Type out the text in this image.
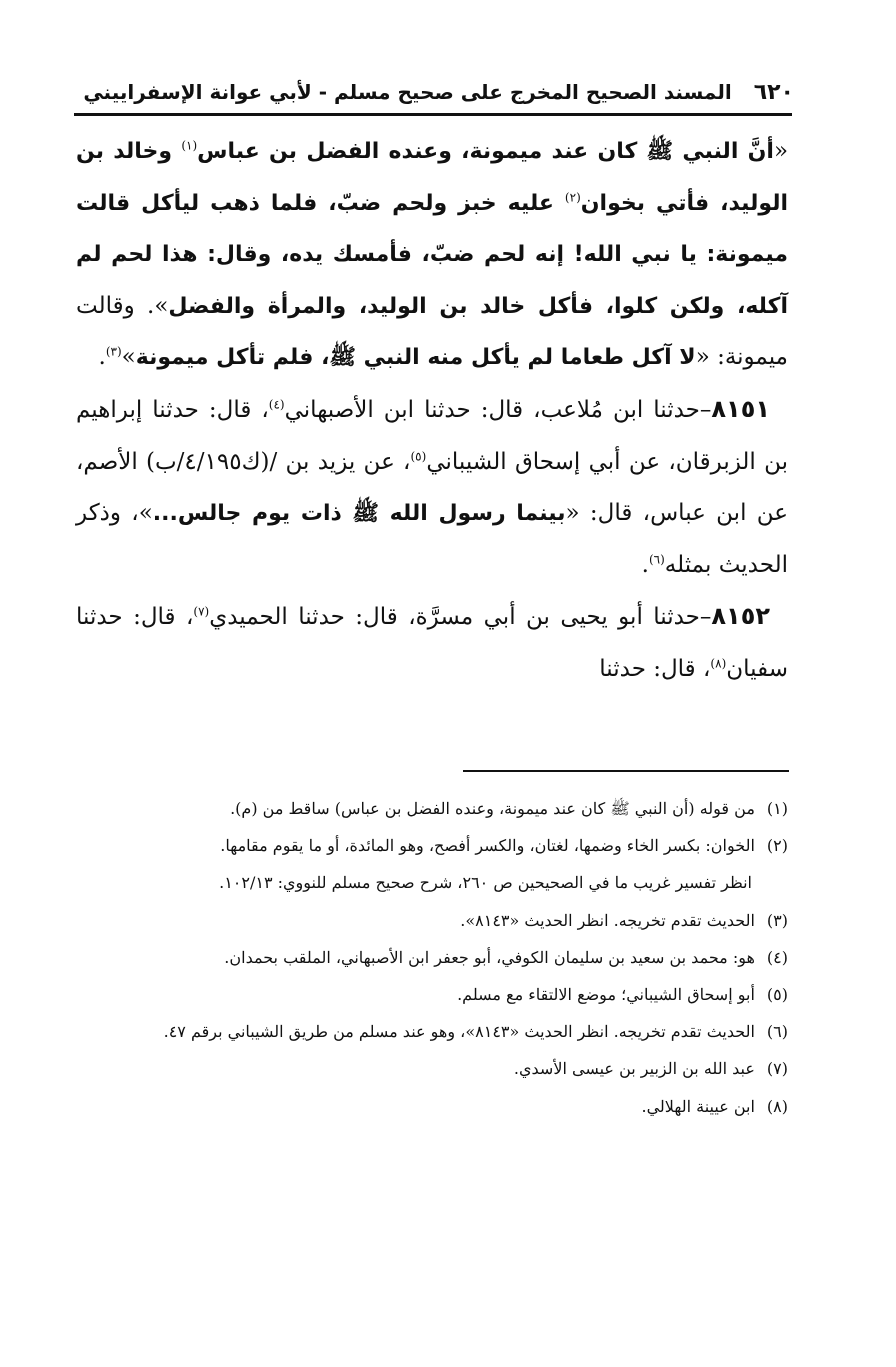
٦٢٠
المسند الصحيح المخرج على صحيح مسلم - لأبي عوانة الإسفراييني

«أنَّ النبي ﷺ كان عند ميمونة، وعنده الفضل بن عباس$^{(١)}$ وخالد بن الوليد، فأتي بخوان$^{(٢)}$ عليه خبز ولحم ضبّ، فلما ذهب ليأكل قالت ميمونة: يا نبي الله! إنه لحم ضبّ، فأمسك يده، وقال: هذا لحم لم آكله، ولكن كلوا، فأكل خالد بن الوليد، والمرأة والفضل». وقالت ميمونة: «لا آكل طعاما لم يأكل منه النبي ﷺ، فلم تأكل ميمونة»$^{(٣)}$.

٨١٥١–حدثنا ابن مُلاعب، قال: حدثنا ابن الأصبهاني$^{(٤)}$، قال: حدثنا إبراهيم بن الزبرقان، عن أبي إسحاق الشيباني$^{(٥)}$، عن يزيد بن /(ك٤/١٩٥/ب) الأصم، عن ابن عباس، قال: «بينما رسول الله ﷺ ذات يوم جالس...»، وذكر الحديث بمثله$^{(٦)}$.

٨١٥٢–حدثنا أبو يحيى بن أبي مسرَّة، قال: حدثنا الحميدي$^{(٧)}$، قال: حدثنا سفيان$^{(٨)}$، قال: حدثنا

(١) من قوله (أن النبي ﷺ كان عند ميمونة، وعنده الفضل بن عباس) ساقط من (م).
(٢) الخوان: بكسر الخاء وضمها، لغتان، والكسر أفصح، وهو المائدة، أو ما يقوم مقامها.
انظر تفسير غريب ما في الصحيحين ص ٢٦٠، شرح صحيح مسلم للنووي: ١٠٢/١٣.
(٣) الحديث تقدم تخريجه. انظر الحديث «٨١٤٣».
(٤) هو: محمد بن سعيد بن سليمان الكوفي، أبو جعفر ابن الأصبهاني، الملقب بحمدان.
(٥) أبو إسحاق الشيباني؛ موضع الالتقاء مع مسلم.
(٦) الحديث تقدم تخريجه. انظر الحديث «٨١٤٣»، وهو عند مسلم من طريق الشيباني برقم ٤٧.
(٧) عبد الله بن الزبير بن عيسى الأسدي.
(٨) ابن عيينة الهلالي.
